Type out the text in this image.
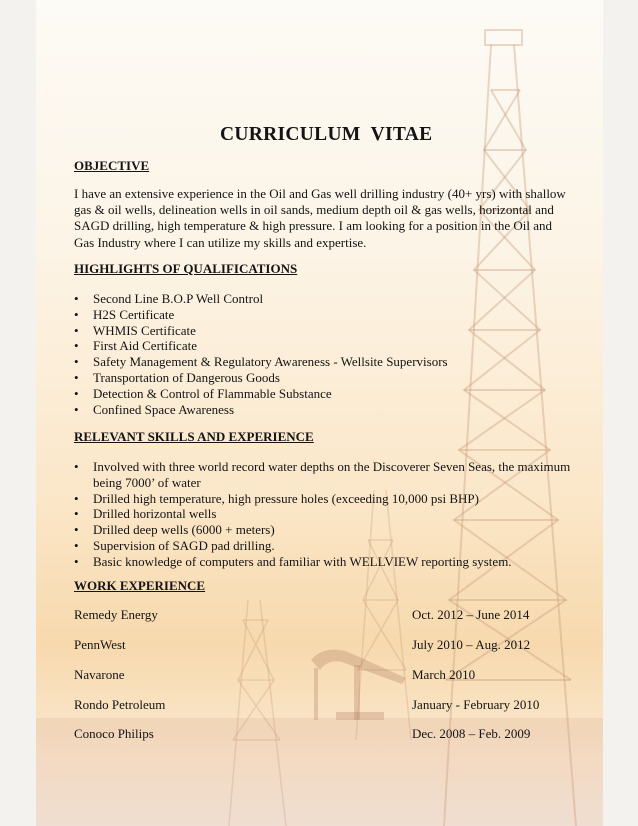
CURRICULUM  VITAE
OBJECTIVE

I have an extensive experience in the Oil and Gas well drilling industry (40+ yrs) with shallow gas & oil wells, delineation wells in oil sands, medium depth oil & gas wells, horizontal and SAGD drilling, high temperature & high pressure. I am looking for a position in the Oil and Gas Industry where I can utilize my skills and expertise.

HIGHLIGHTS OF QUALIFICATIONS
• Second Line B.O.P Well Control
• H2S Certificate
• WHMIS Certificate
• First Aid Certificate
• Safety Management & Regulatory Awareness - Wellsite Supervisors
• Transportation of Dangerous Goods
• Detection & Control of Flammable Substance
• Confined Space Awareness
RELEVANT SKILLS AND EXPERIENCE
• Involved with three world record water depths on the Discoverer Seven Seas, the maximum being 7000’ of water
• Drilled high temperature, high pressure holes (exceeding 10,000 psi BHP)
• Drilled horizontal wells
• Drilled deep wells (6000 + meters)
• Supervision of SAGD pad drilling.
• Basic knowledge of computers and familiar with WELLVIEW reporting system.
WORK EXPERIENCE
Remedy Energy	Oct. 2012 – June 2014
PennWest	July 2010 – Aug. 2012
Navarone	March 2010
Rondo Petroleum	January - February 2010
Conoco Philips	Dec. 2008 – Feb. 2009
